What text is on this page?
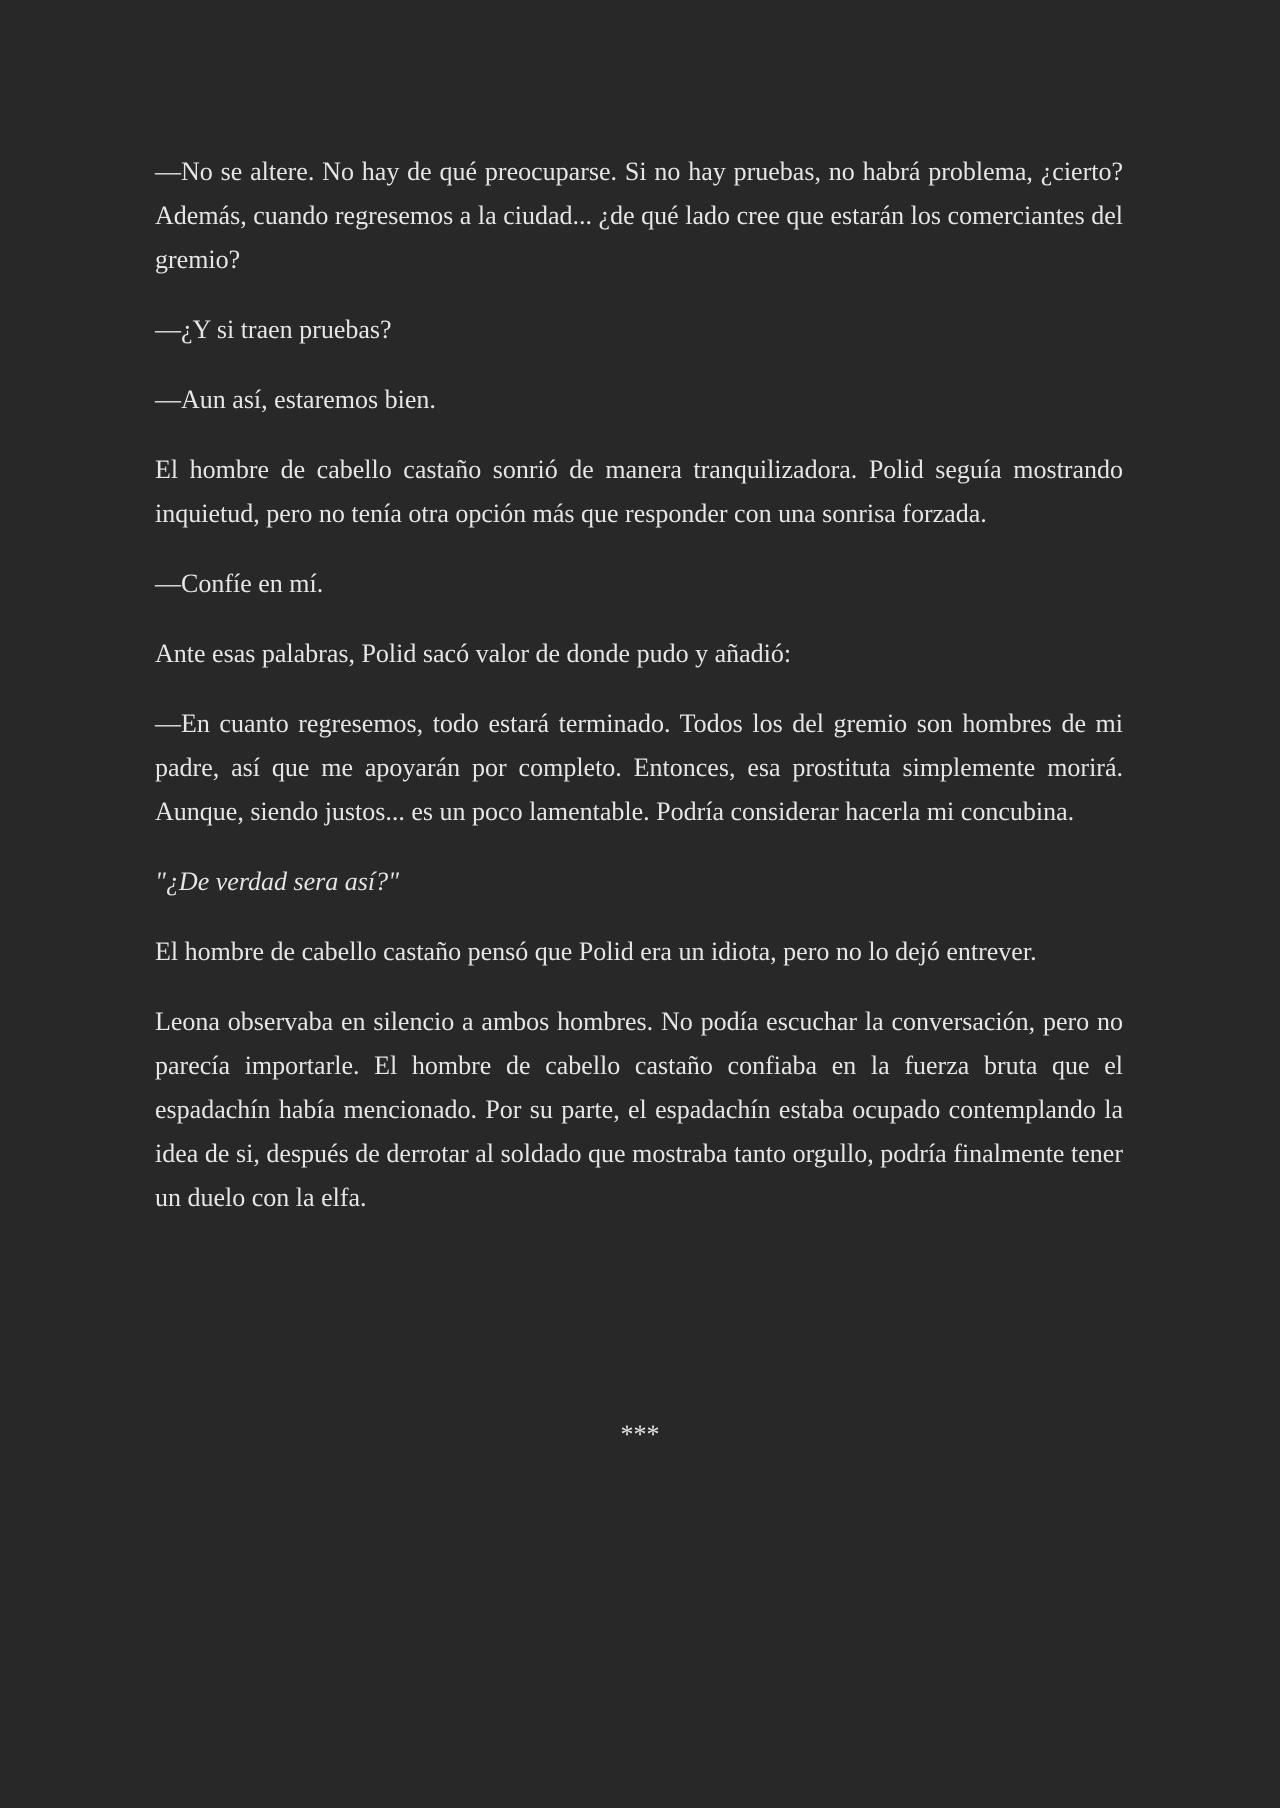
—No se altere. No hay de qué preocuparse. Si no hay pruebas, no habrá problema, ¿cierto? Además, cuando regresemos a la ciudad... ¿de qué lado cree que estarán los comerciantes del gremio?

—¿Y si traen pruebas?

—Aun así, estaremos bien.

El hombre de cabello castaño sonrió de manera tranquilizadora. Polid seguía mostrando inquietud, pero no tenía otra opción más que responder con una sonrisa forzada.

—Confíe en mí.

Ante esas palabras, Polid sacó valor de donde pudo y añadió:

—En cuanto regresemos, todo estará terminado. Todos los del gremio son hombres de mi padre, así que me apoyarán por completo. Entonces, esa prostituta simplemente morirá. Aunque, siendo justos... es un poco lamentable. Podría considerar hacerla mi concubina.

"¿De verdad sera así?"

El hombre de cabello castaño pensó que Polid era un idiota, pero no lo dejó entrever.

Leona observaba en silencio a ambos hombres. No podía escuchar la conversación, pero no parecía importarle. El hombre de cabello castaño confiaba en la fuerza bruta que el espadachín había mencionado. Por su parte, el espadachín estaba ocupado contemplando la idea de si, después de derrotar al soldado que mostraba tanto orgullo, podría finalmente tener un duelo con la elfa.

***
